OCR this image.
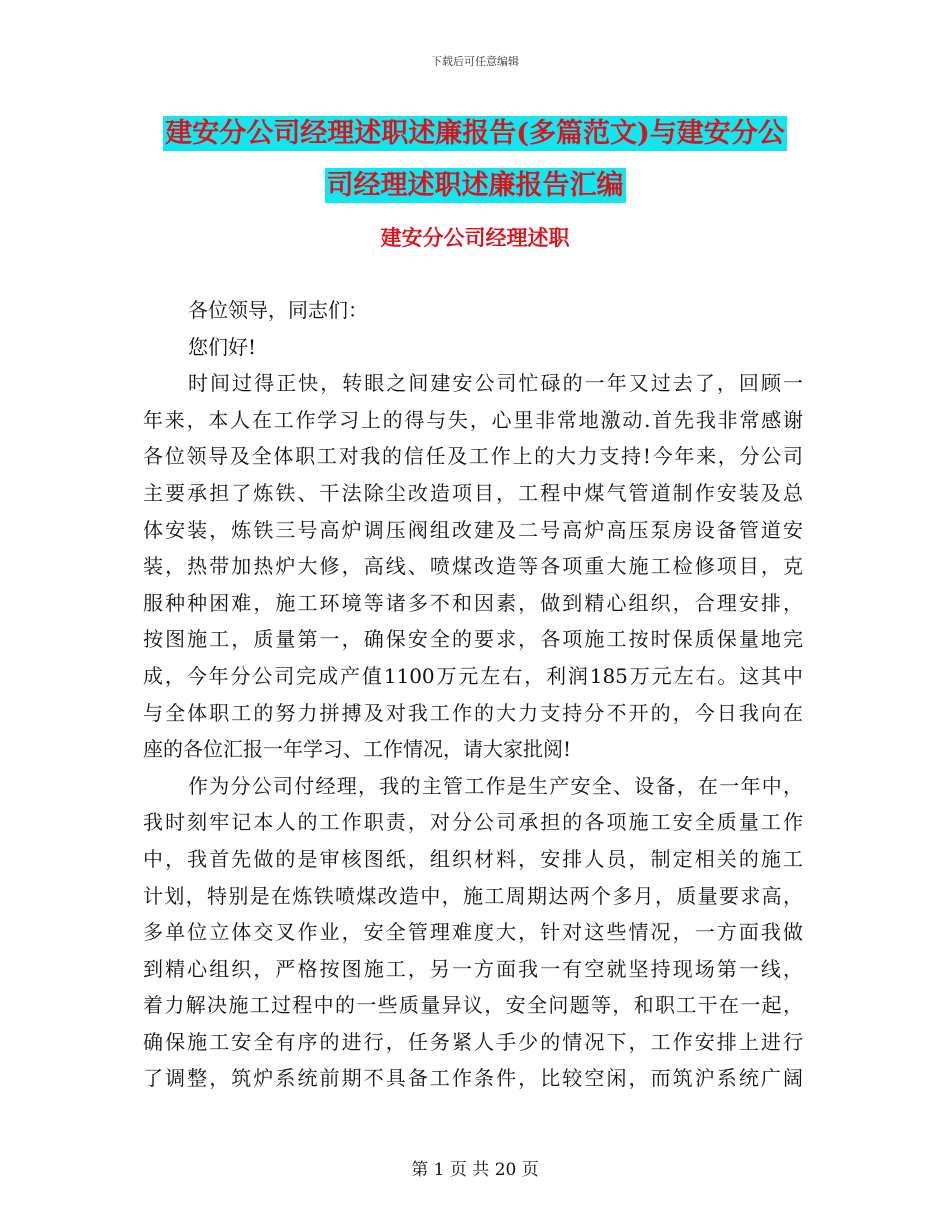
下载后可任意编辑
建安分公司经理述职述廉报告(多篇范文)与建安分公
司经理述职述廉报告汇编
建安分公司经理述职
各位领导，同志们：
您们好!
时间过得正快，转眼之间建安公司忙碌的一年又过去了，回顾一
年来，本人在工作学习上的得与失，心里非常地激动.首先我非常感谢
各位领导及全体职工对我的信任及工作上的大力支持!今年来，分公司
主要承担了炼铁、干法除尘改造项目，工程中煤气管道制作安装及总
体安装，炼铁三号高炉调压阀组改建及二号高炉高压泵房设备管道安
装，热带加热炉大修，高线、喷煤改造等各项重大施工检修项目，克
服种种困难，施工环境等诸多不和因素，做到精心组织，合理安排，
按图施工，质量第一，确保安全的要求，各项施工按时保质保量地完
成，今年分公司完成产值1100万元左右，利润185万元左右。这其中
与全体职工的努力拼搏及对我工作的大力支持分不开的，今日我向在
座的各位汇报一年学习、工作情况，请大家批阅!
作为分公司付经理，我的主管工作是生产安全、设备，在一年中，
我时刻牢记本人的工作职责，对分公司承担的各项施工安全质量工作
中，我首先做的是审核图纸，组织材料，安排人员，制定相关的施工
计划，特别是在炼铁喷煤改造中，施工周期达两个多月，质量要求高，
多单位立体交叉作业，安全管理难度大，针对这些情况，一方面我做
到精心组织，严格按图施工，另一方面我一有空就坚持现场第一线，
着力解决施工过程中的一些质量异议，安全问题等，和职工干在一起，
确保施工安全有序的进行，任务紧人手少的情况下，工作安排上进行
了调整，筑炉系统前期不具备工作条件，比较空闲，而筑沪系统广阔
第 1 页 共 20 页
